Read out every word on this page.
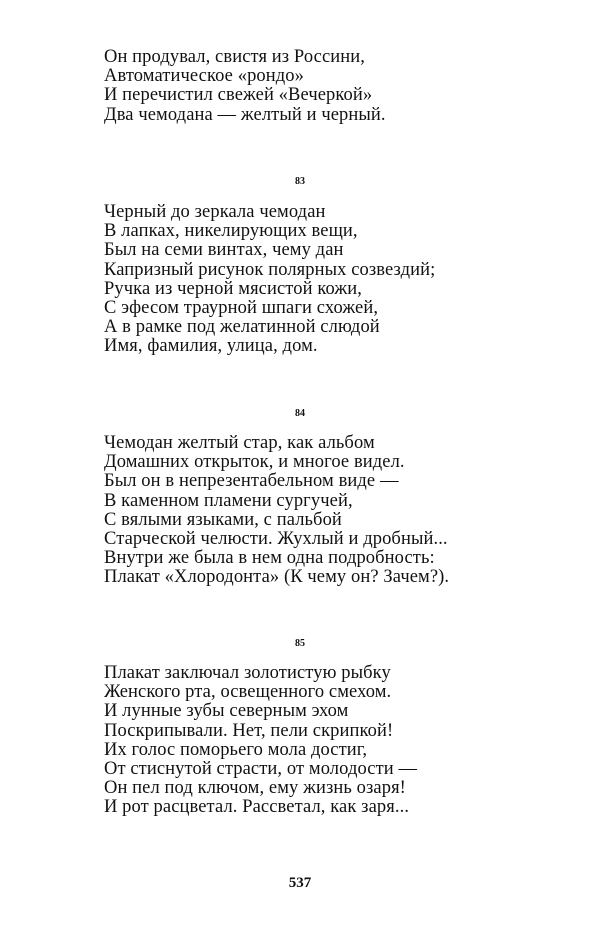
Он продувал, свистя из Россини,
Автоматическое «рондо»
И перечистил свежей «Вечеркой»
Два чемодана — желтый и черный.
83
Черный до зеркала чемодан
В лапках, никелирующих вещи,
Был на семи винтах, чему дан
Капризный рисунок полярных созвездий;
Ручка из черной мясистой кожи,
С эфесом траурной шпаги схожей,
А в рамке под желатинной слюдой
Имя, фамилия, улица, дом.
84
Чемодан желтый стар, как альбом
Домашних открыток, и многое видел.
Был он в непрезентабельном виде —
В каменном пламени сургучей,
С вялыми языками, с пальбой
Старческой челюсти. Жухлый и дробный...
Внутри же была в нем одна подробность:
Плакат «Хлородонта» (К чему он? Зачем?).
85
Плакат заключал золотистую рыбку
Женского рта, освещенного смехом.
И лунные зубы северным эхом
Поскрипывали. Нет, пели скрипкой!
Их голос поморьего мола достиг,
От стиснутой страсти, от молодости —
Он пел под ключом, ему жизнь озаря!
И рот расцветал. Рассветал, как заря...
537
